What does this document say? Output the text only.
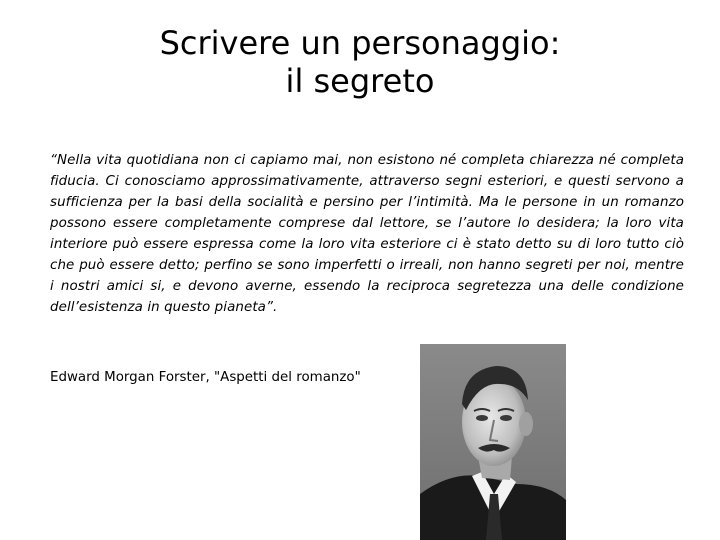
Scrivere un personaggio:
il segreto
“Nella vita quotidiana non ci capiamo mai, non esistono né completa chiarezza né completa fiducia. Ci conosciamo approssimativamente, attraverso segni esteriori, e questi servono a sufficienza per la basi della socialità e persino per l’intimità. Ma le persone in un romanzo possono essere completamente comprese dal lettore, se l’autore lo desidera; la loro vita interiore può essere espressa come la loro vita esteriore ci è stato detto su di loro tutto ciò che può essere detto; perfino se sono imperfetti o irreali, non hanno segreti per noi, mentre i nostri amici si, e devono averne, essendo la reciproca segretezza una delle condizione dell’esistenza in questo pianeta”.
Edward Morgan Forster, "Aspetti del romanzo"
